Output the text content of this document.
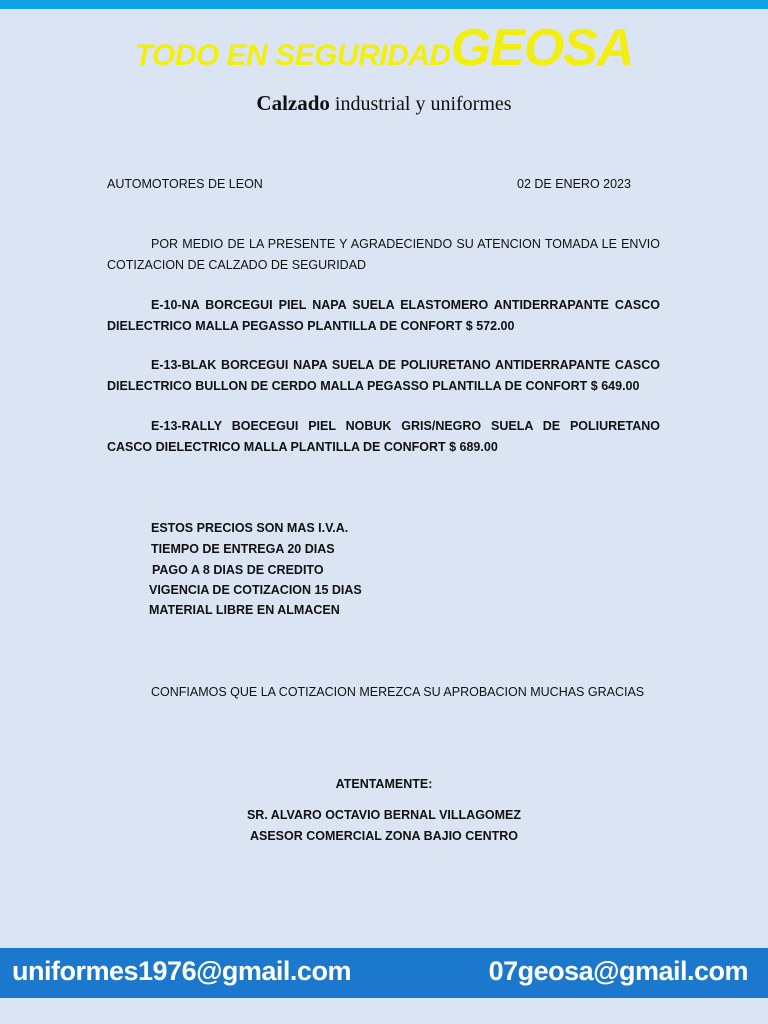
TODO EN SEGURIDADGEOSA
Calzado industrial y uniformes
AUTOMOTORES DE LEON	02 DE ENERO 2023
POR MEDIO DE LA PRESENTE Y AGRADECIENDO SU ATENCION TOMADA LE ENVIO COTIZACION DE CALZADO DE SEGURIDAD
E-10-NA BORCEGUI PIEL NAPA SUELA ELASTOMERO ANTIDERRAPANTE CASCO DIELECTRICO MALLA PEGASSO PLANTILLA DE CONFORT $ 572.00
E-13-BLAK BORCEGUI NAPA SUELA DE POLIURETANO ANTIDERRAPANTE CASCO DIELECTRICO BULLON DE CERDO MALLA PEGASSO PLANTILLA DE CONFORT $ 649.00
E-13-RALLY BOECEGUI PIEL NOBUK GRIS/NEGRO SUELA DE POLIURETANO CASCO DIELECTRICO MALLA PLANTILLA DE CONFORT $ 689.00
ESTOS PRECIOS SON MAS I.V.A.
TIEMPO DE ENTREGA 20 DIAS
PAGO A 8 DIAS DE CREDITO
VIGENCIA DE COTIZACION 15 DIAS
MATERIAL LIBRE EN ALMACEN
CONFIAMOS QUE LA COTIZACION MEREZCA SU APROBACION MUCHAS GRACIAS
ATENTAMENTE:
SR. ALVARO OCTAVIO BERNAL VILLAGOMEZ
ASESOR COMERCIAL ZONA BAJIO CENTRO
uniformes1976@gmail.com	07geosa@gmail.com
